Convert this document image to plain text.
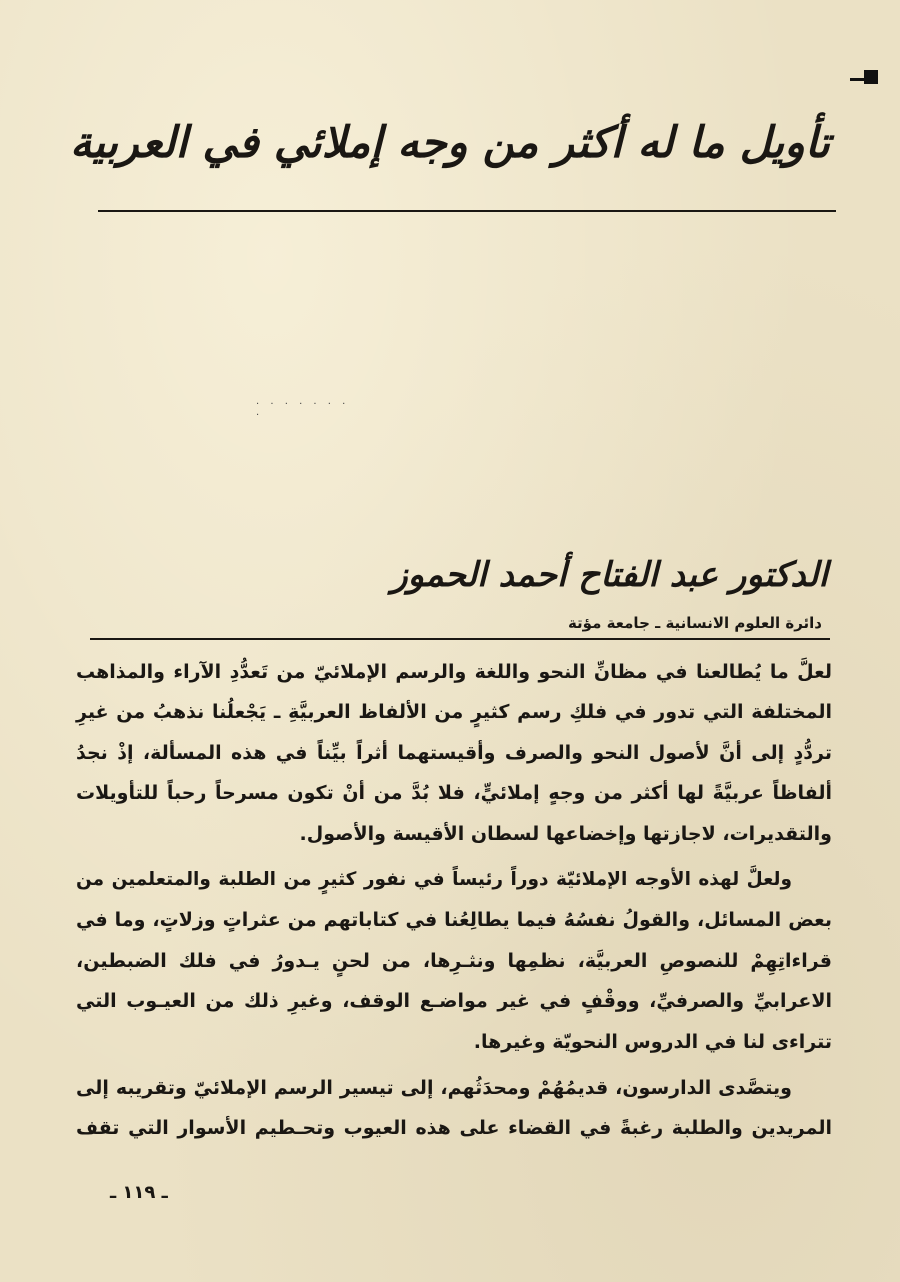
تأويل ما له أكثر من وجه إملائي في العربية
. . . . . . . .
الدكتور عبد الفتاح أحمد الحموز
دائرة العلوم الانسانية ـ جامعة مؤتة

لعلَّ ما يُطالعنا في مظانِّ النحو واللغة والرسم الإملائيّ من تَعدُّدِ الآراء والمذاهب
المختلفة التي تدور في فلكِ رسم كثيرٍ من الألفاظ العربيَّةِ ـ يَجْعلُنا نذهبُ من غيرِ
تردُّدٍ إلى أنَّ لأصول النحو والصرف وأقيستهما أثراً بيِّناً في هذه المسألة، إذْ نجدُ
ألفاظاً عربيَّةً لها أكثر من وجهٍ إملائيٍّ، فلا بُدَّ من أنْ تكون مسرحاً رحباً للتأويلات
والتقديرات، لاجازتها وإخضاعها لسطان الأقيسة والأصول.

ولعلَّ لهذه الأوجه الإملائيّة دوراً رئيساً في نفور كثيرٍ من الطلبة والمتعلمين من
بعض المسائل، والقولُ نفسُهُ فيما يطالِعُنا في كتاباتهم من عثراتٍ وزلاتٍ، وما في
قراءاتِهِمْ للنصوصِ العربيَّة، نظمِها ونثـرِها، من لحنٍ يـدورُ في فلك الضبطين،
الاعرابيِّ والصرفيِّ، ووقْفٍ في غير مواضـع الوقف، وغيرِ ذلك من العيـوب التي
تتراءى لنا في الدروس النحويّة وغيرها.

ويتصَّدى الدارسون، قديمُهُمْ ومحدَثُهم، إلى تيسير الرسم الإملائيّ وتقريبه إلى
المريدين والطلبة رغبةً في القضاء على هذه العيوب وتحـطيم الأسوار التي تقف

ـ ١١٩ ـ
